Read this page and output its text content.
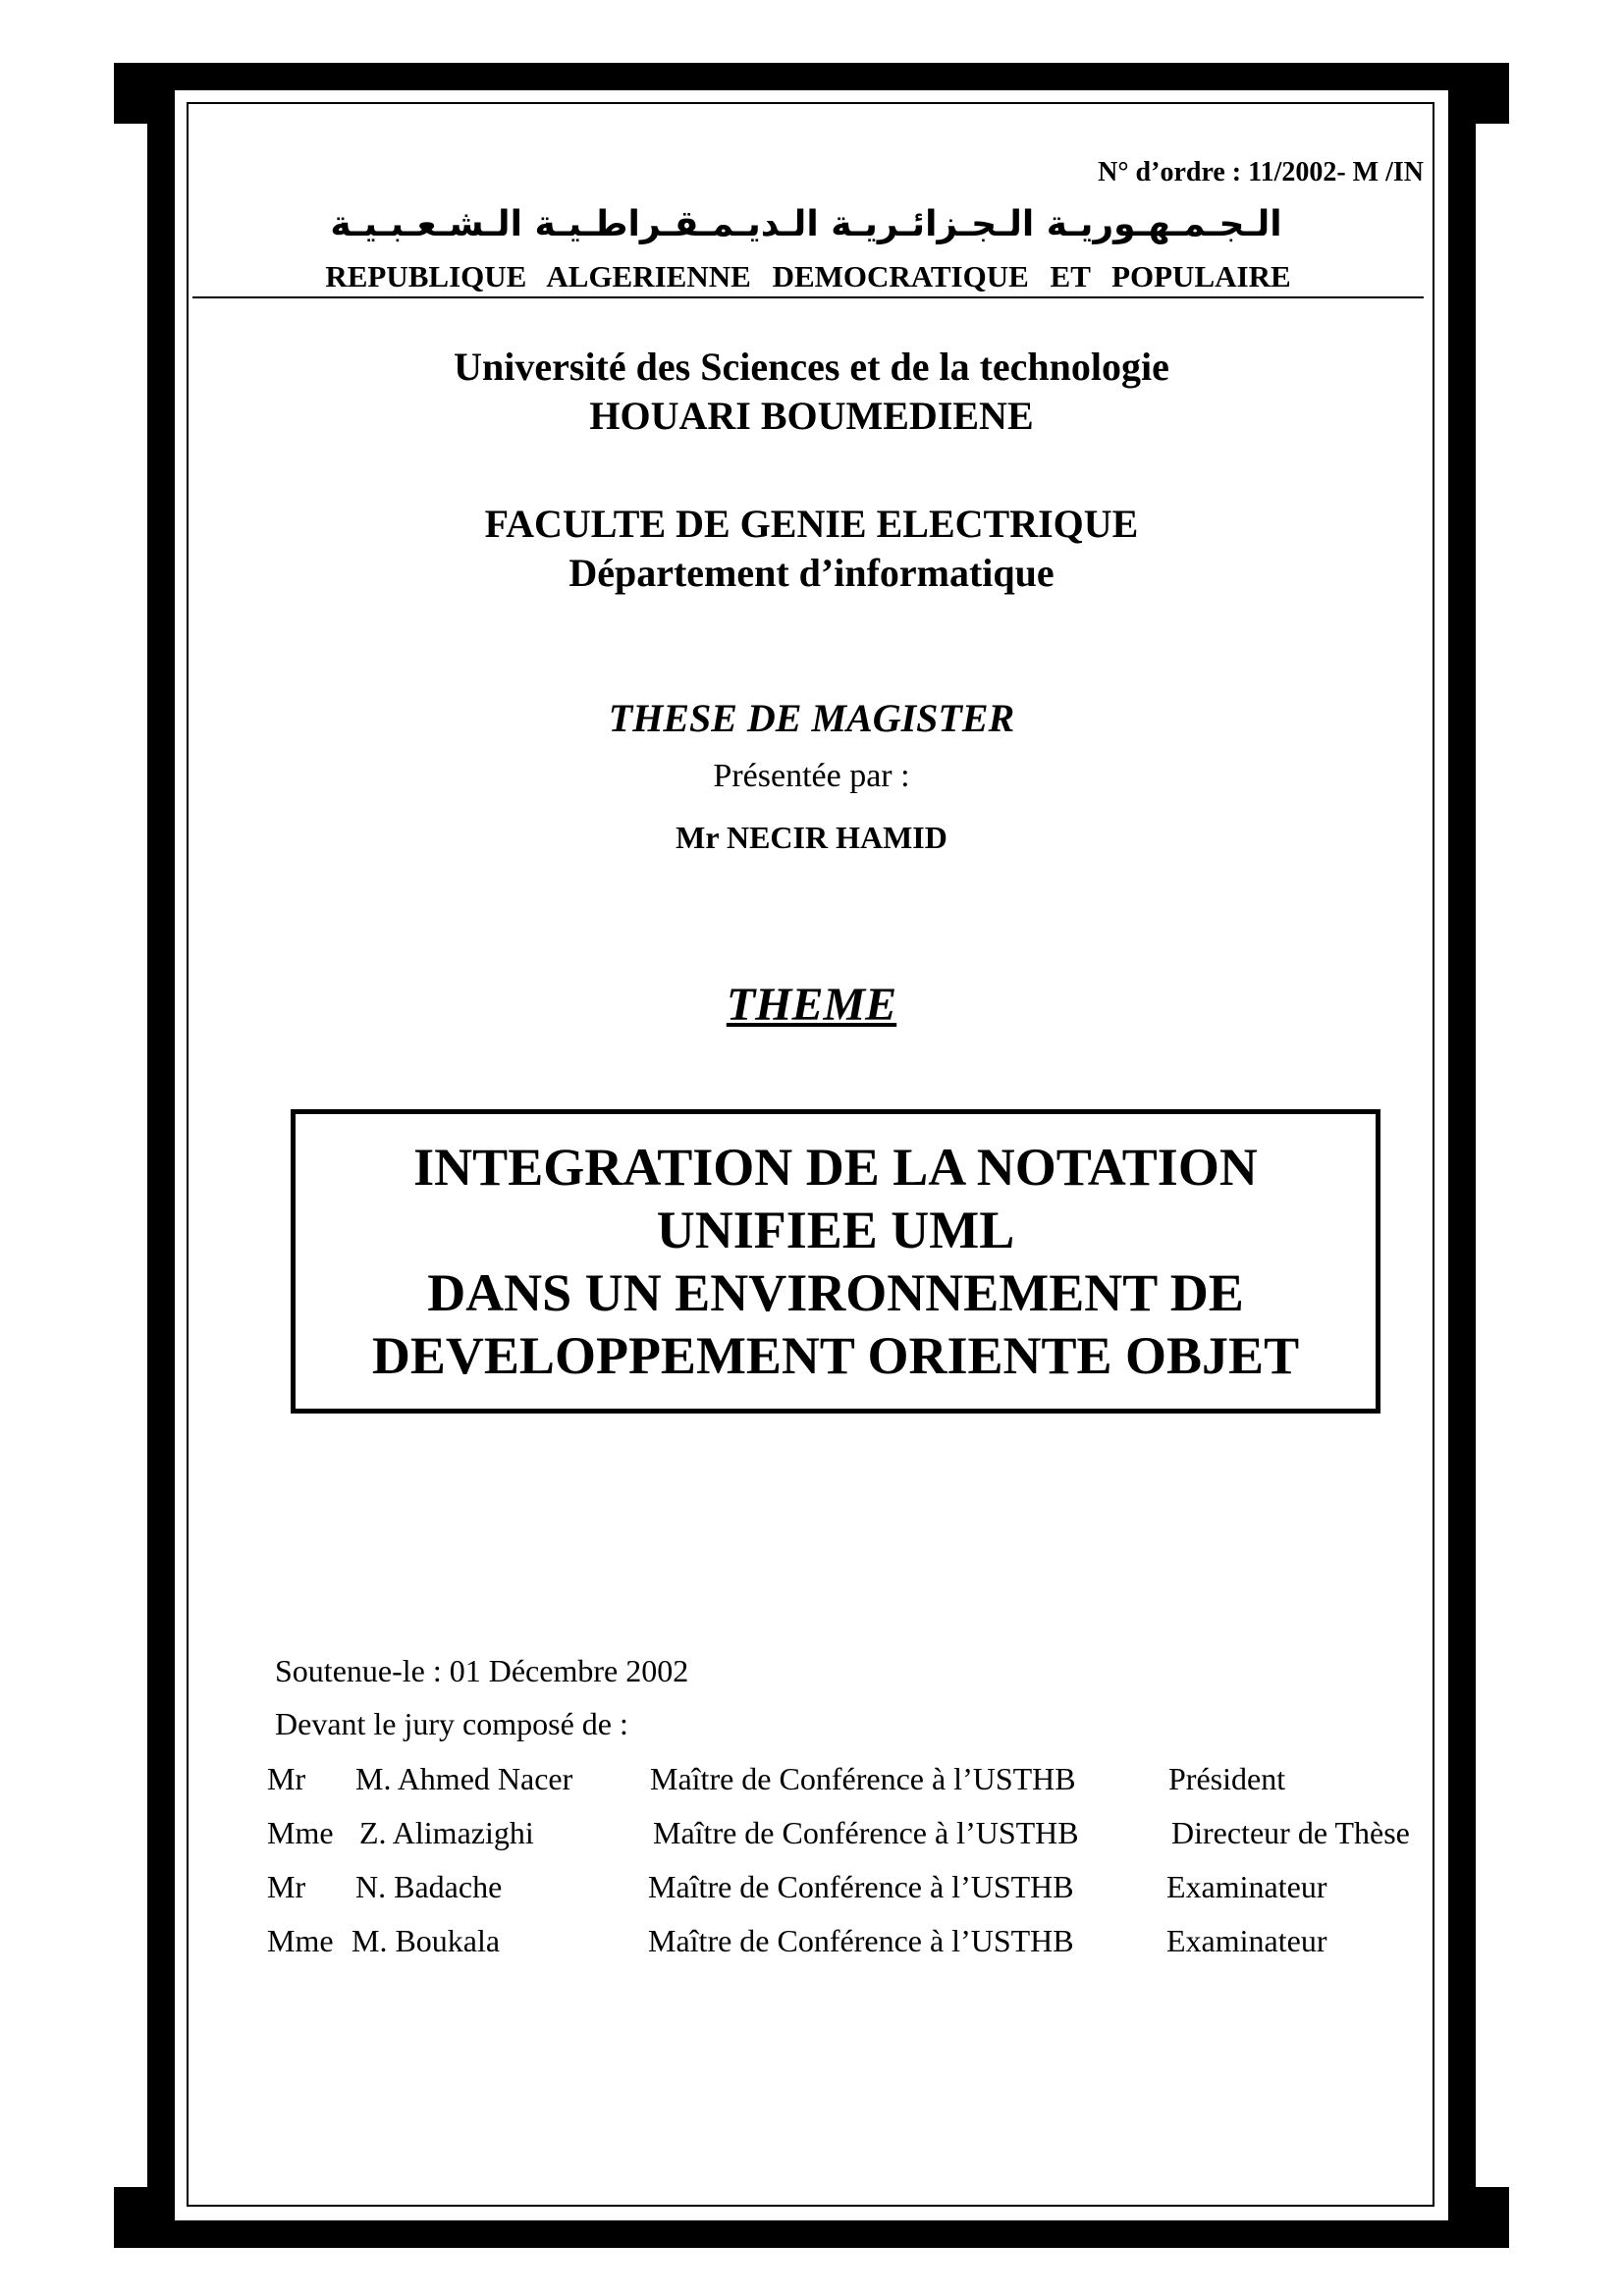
N° d’ordre : 11/2002- M /IN
الـجـمـهـوريـة الـجـزائـريـة الـديـمـقـراطـيـة الـشـعـبـيـة
REPUBLIQUE ALGERIENNE DEMOCRATIQUE ET POPULAIRE
Université des Sciences et de la technologie
HOUARI BOUMEDIENE
FACULTE DE GENIE ELECTRIQUE
Département d’informatique
THESE DE MAGISTER
Présentée par :
Mr NECIR HAMID
THEME
INTEGRATION DE LA NOTATION
UNIFIEE UML
DANS UN ENVIRONNEMENT DE
DEVELOPPEMENT ORIENTE OBJET
Soutenue-le : 01 Décembre 2002
Devant le jury composé de :
Mr M. Ahmed Nacer Maître de Conférence à l’USTHB	Président
Mme Z. Alimazighi	Maître de Conférence à l’USTHB	Directeur de Thèse
Mr N. Badache	Maître de Conférence à l’USTHB	Examinateur
Mme M. Boukala	Maître de Conférence à l’USTHB	Examinateur
